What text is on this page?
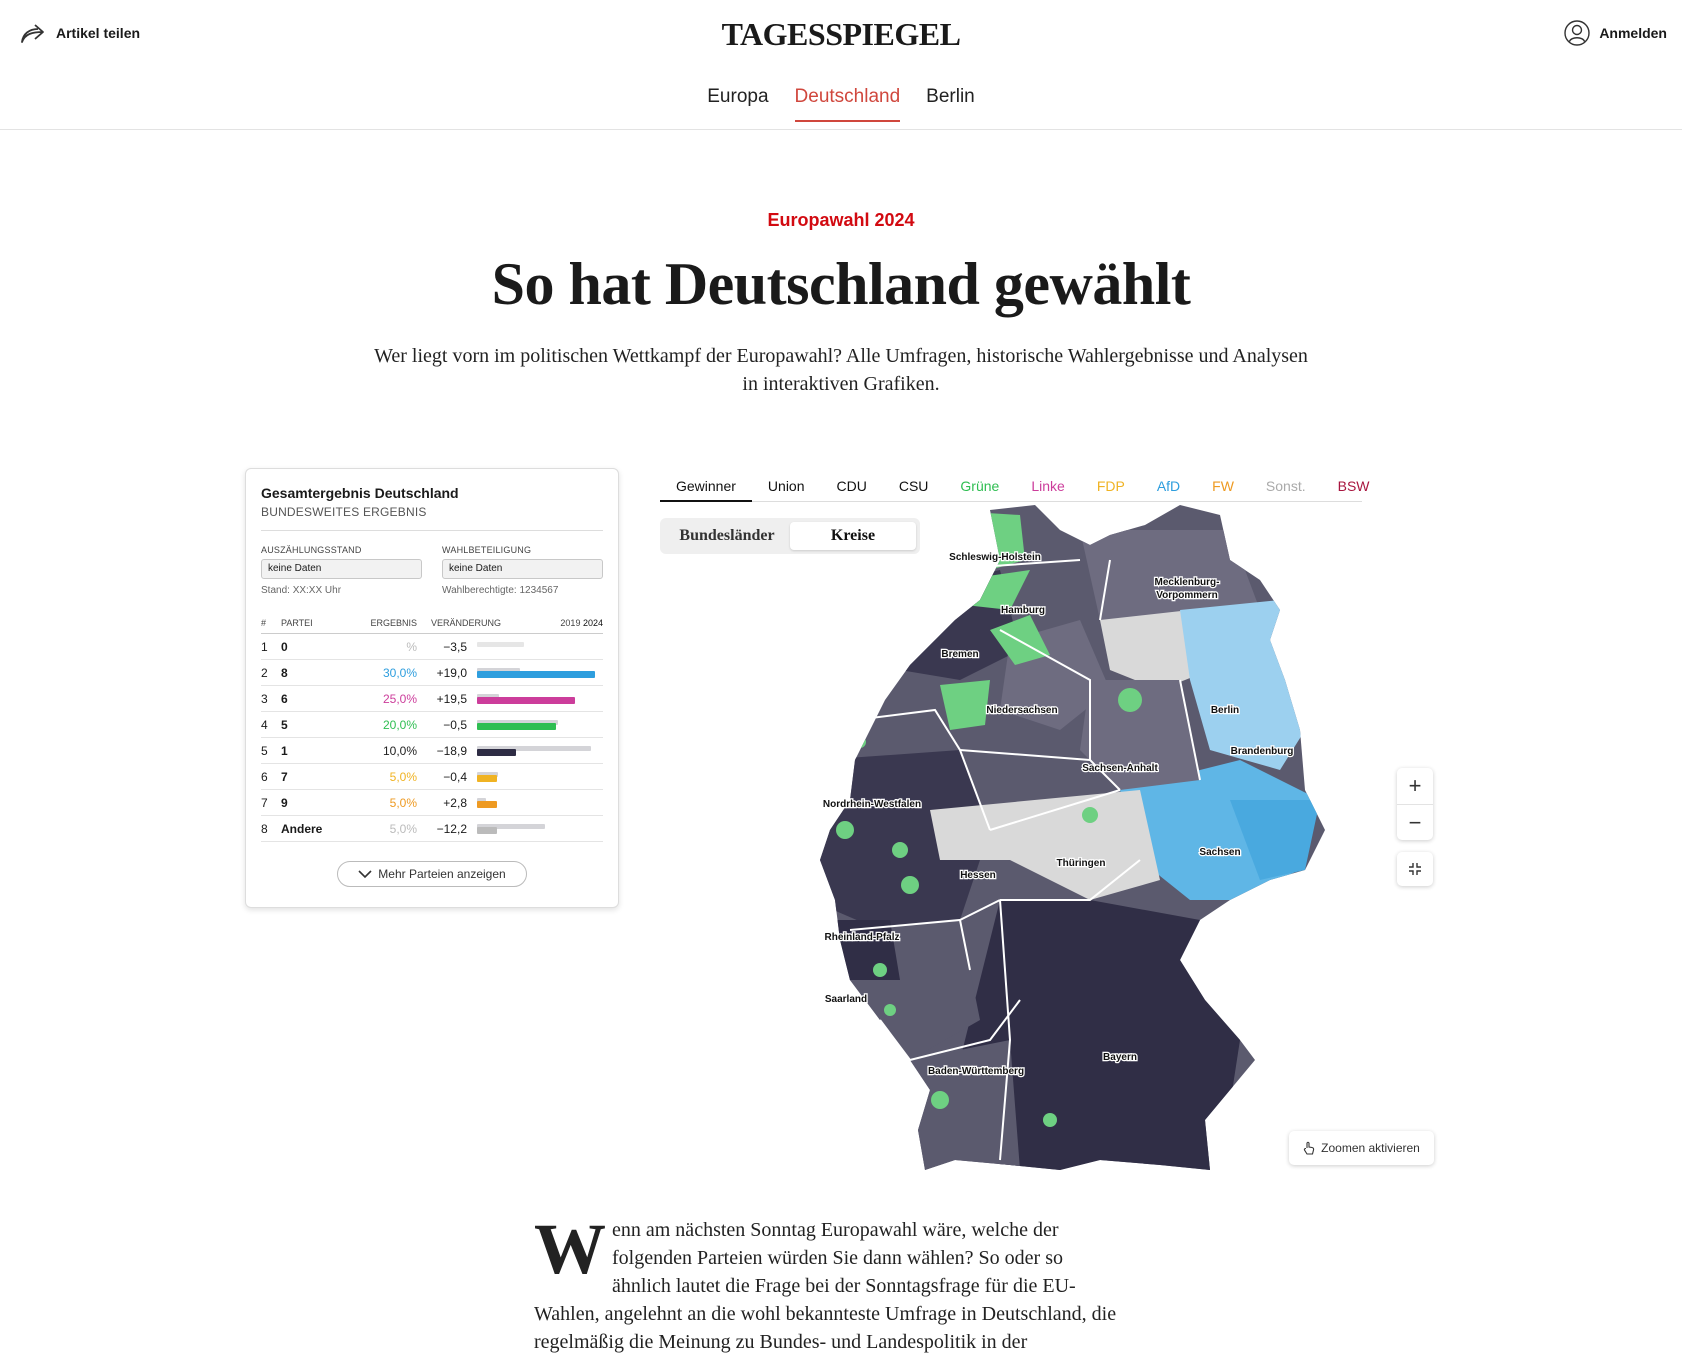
Artikel teilen	TAGESSPIEGEL	Anmelden
Europa Deutschland Berlin
Europawahl 2024
So hat Deutschland gewählt

Wer liegt vorn im politischen Wettkampf der Europawahl? Alle Umfragen, historische Wahlergebnisse und Analysen in interaktiven Grafiken.

Gesamtergebnis Deutschland
BUNDESWEITES ERGEBNIS
AUSZÄHLUNGSSTAND
keine Daten
Stand: XX:XX Uhr
WAHLBETEILIGUNG
keine Daten
Wahlberechtigte: 1234567
#	PARTEI	ERGEBNIS VERÄNDERUNG	2019 2024
1	0	%	−3,5
2	8	30,0%	+19,0
3	6	25,0%	+19,5
4	5	20,0%	−0,5
5	1	10,0%	−18,9
6	7	5,0%	−0,4
7	9	5,0%	+2,8
8	Andere	5,0%	−12,2
Mehr Parteien anzeigen
Gewinner	Union	CDU	CSU	Grüne	Linke	FDP	AfD	FW	Sonst.	BSW
Bundesländer	Kreise
Schleswig-Holstein
Hamburg
Mecklenburg-
Vorpommern
Bremen
Niedersachsen	Berlin
Brandenburg
Sachsen-Anhalt
Nordrhein-Westfalen
Thüringen
Sachsen
Hessen
Rheinland-Pfalz
Saarland
Baden-Württemberg
Bayern
+
−
Zoomen aktivieren
W enn am nächsten Sonntag Europawahl wäre, welche der folgenden Parteien würden Sie dann wählen? So oder so ähnlich lautet die Frage bei der Sonntagsfrage für die EU-Wahlen, angelehnt an die wohl bekannteste Umfrage in Deutschland, die regelmäßig die Meinung zu Bundes- und Landespolitik in der
